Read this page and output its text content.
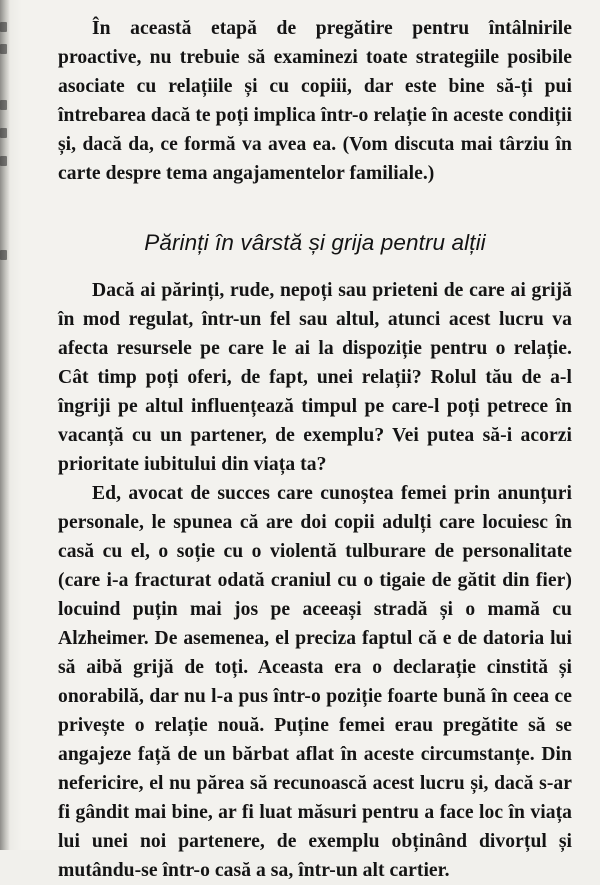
În această etapă de pregătire pentru întâlnirile proactive, nu trebuie să examinezi toate strategiile posibile asociate cu relațiile și cu copiii, dar este bine să-ți pui întrebarea dacă te poți implica într-o relație în aceste condiții și, dacă da, ce formă va avea ea. (Vom discuta mai târziu în carte despre tema angajamentelor familiale.)

Părinți în vârstă și grija pentru alții

Dacă ai părinți, rude, nepoți sau prieteni de care ai grijă în mod regulat, într-un fel sau altul, atunci acest lucru va afecta resursele pe care le ai la dispoziție pentru o relație. Cât timp poți oferi, de fapt, unei relații? Rolul tău de a-l îngriji pe altul influențează timpul pe care-l poți petrece în vacanță cu un partener, de exemplu? Vei putea să-i acorzi prioritate iubitului din viața ta?

Ed, avocat de succes care cunoștea femei prin anunțuri personale, le spunea că are doi copii adulți care locuiesc în casă cu el, o soție cu o violentă tulburare de personalitate (care i-a fracturat odată craniul cu o tigaie de gătit din fier) locuind puțin mai jos pe aceeași stradă și o mamă cu Alzheimer. De asemenea, el preciza faptul că e de datoria lui să aibă grijă de toți. Aceasta era o declarație cinstită și onorabilă, dar nu l-a pus într-o poziție foarte bună în ceea ce privește o relație nouă. Puține femei erau pregătite să se angajeze față de un bărbat aflat în aceste circumstanțe. Din nefericire, el nu părea să recunoască acest lucru și, dacă s-ar fi gândit mai bine, ar fi luat măsuri pentru a face loc în viața lui unei noi partenere, de exemplu obținând divorțul și mutându-se într-o casă a sa, într-un alt cartier.
